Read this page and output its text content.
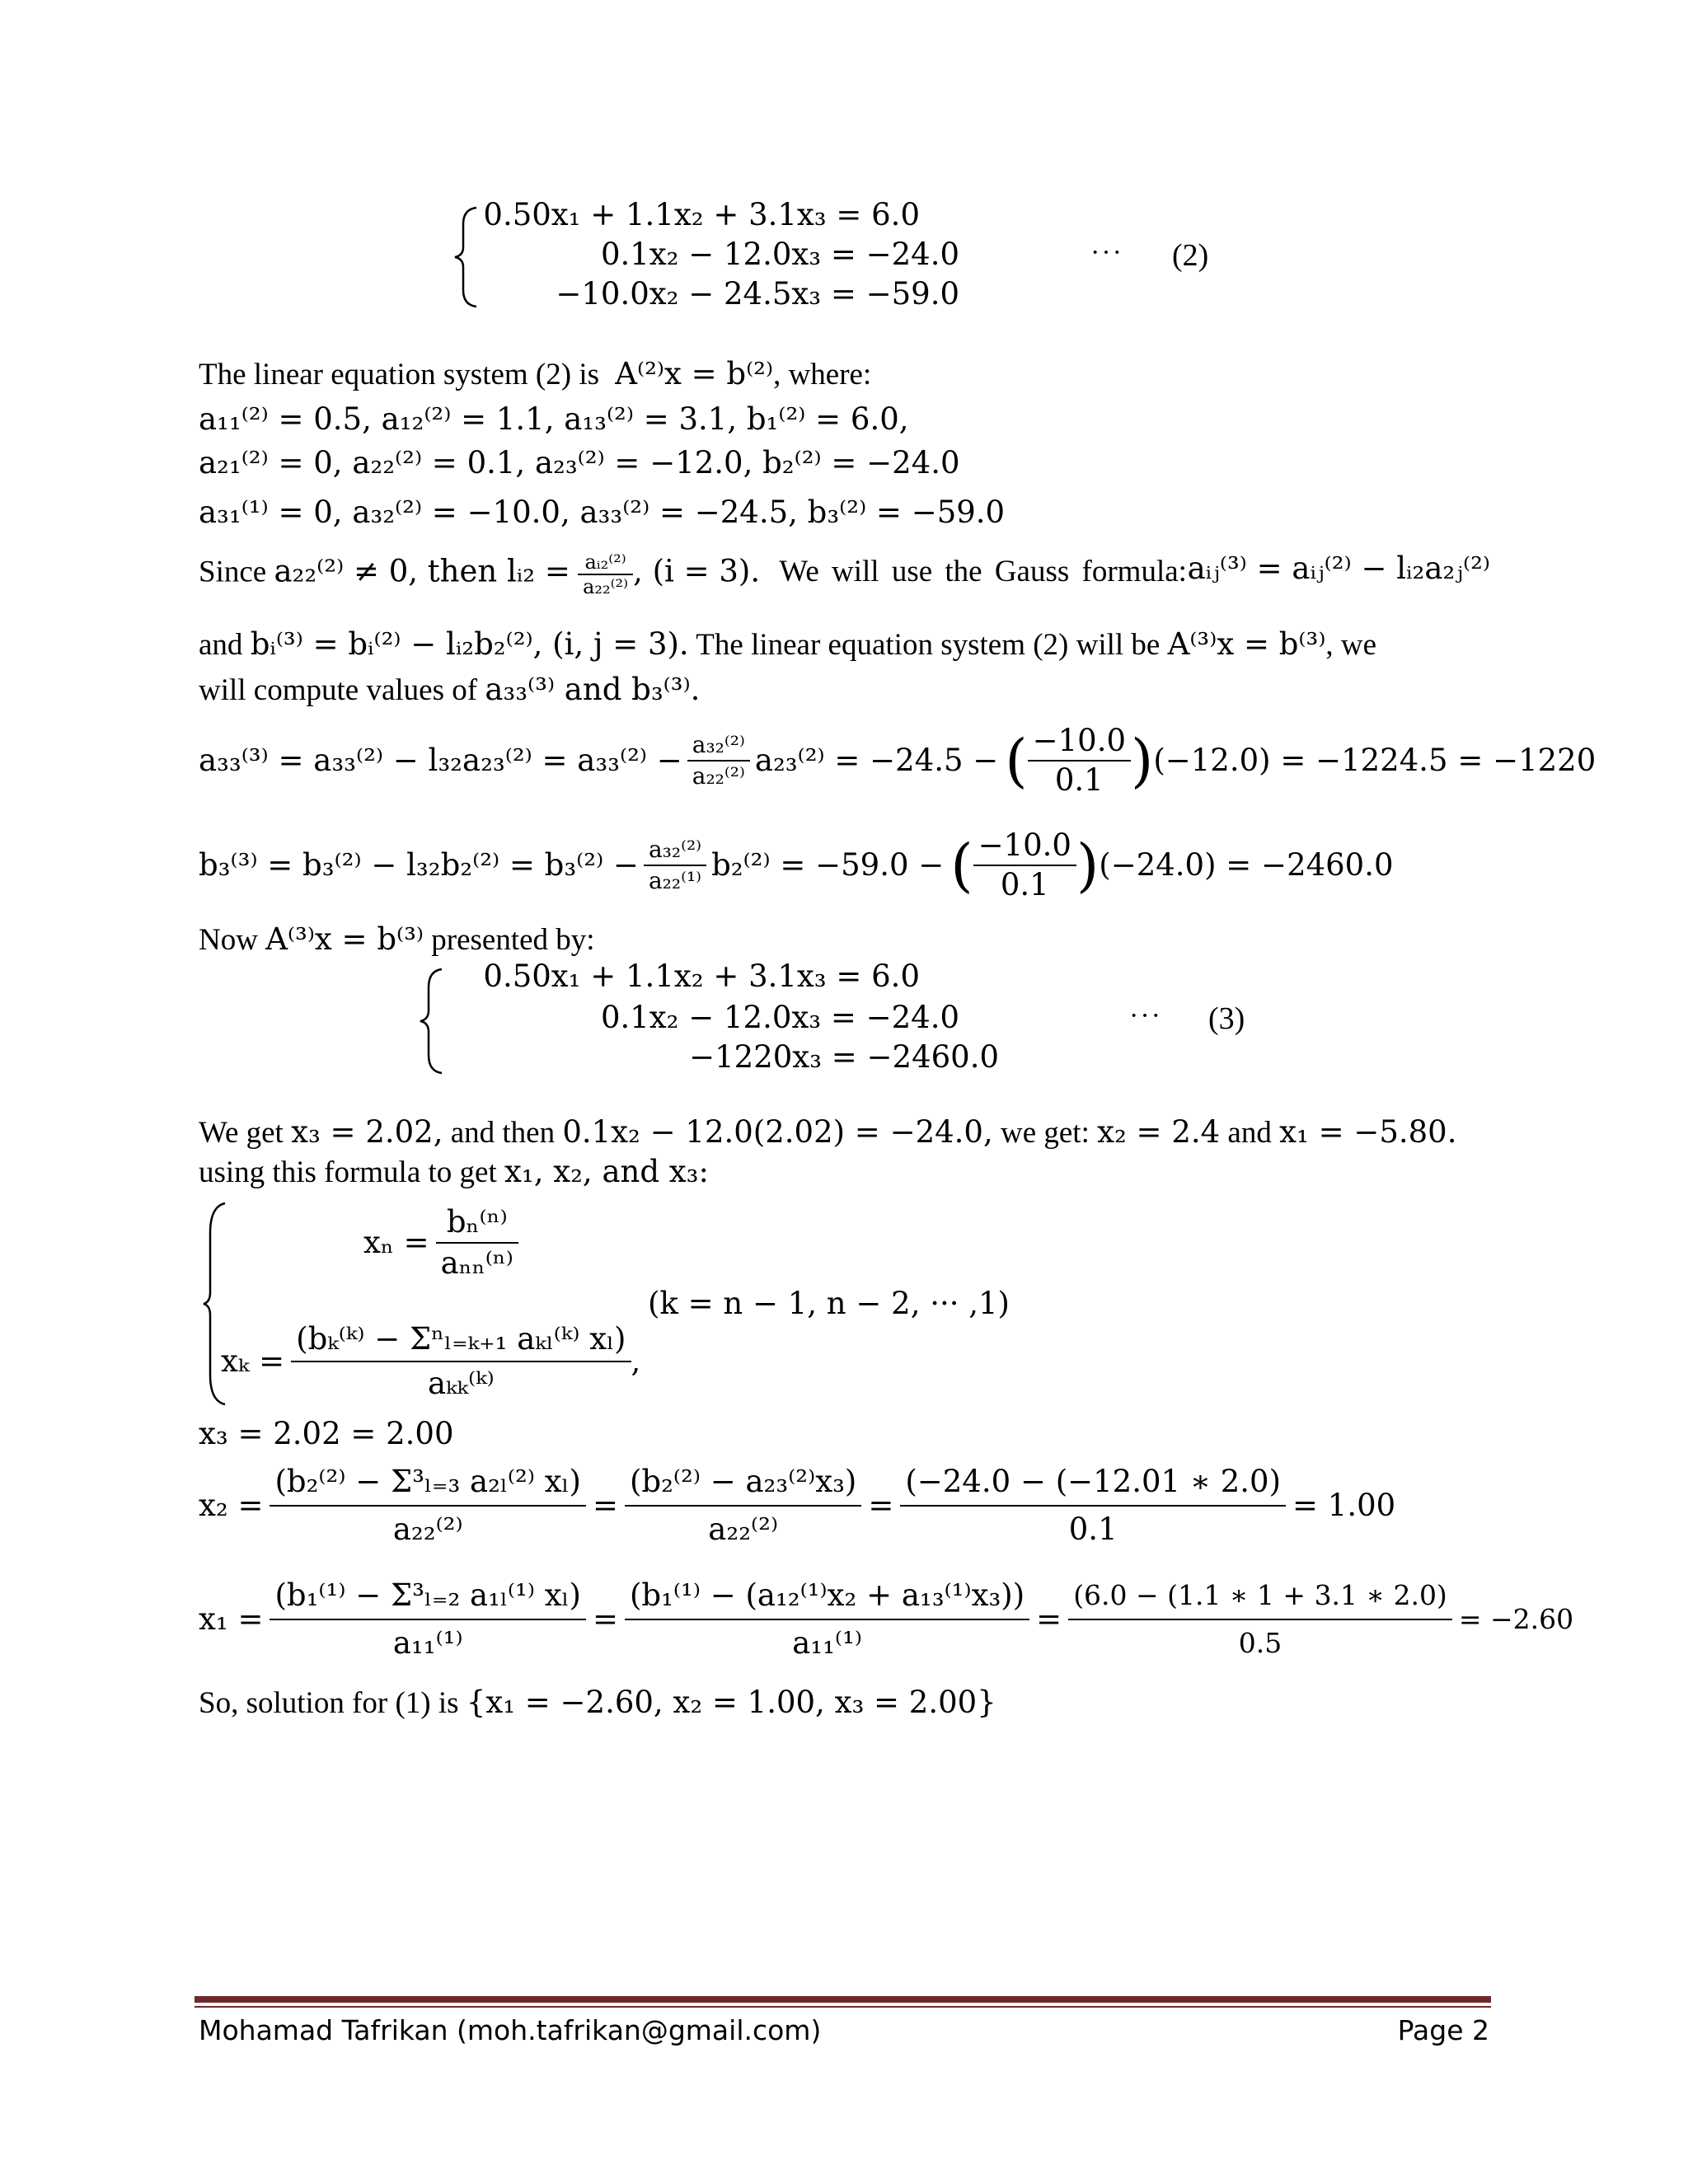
0.50x₁ + 1.1x₂ + 3.1x₃ = 6.0
0.1x₂ − 12.0x₃ = −24.0
−10.0x₂ − 24.5x₃ = −59.0
··· (2)
The linear equation system (2) is A⁽²⁾x = b⁽²⁾, where:
a₁₁⁽²⁾ = 0.5, a₁₂⁽²⁾ = 1.1, a₁₃⁽²⁾ = 3.1, b₁⁽²⁾ = 6.0,
a₂₁⁽²⁾ = 0, a₂₂⁽²⁾ = 0.1, a₂₃⁽²⁾ = −12.0, b₂⁽²⁾ = −24.0
a₃₁⁽¹⁾ = 0, a₃₂⁽²⁾ = −10.0, a₃₃⁽²⁾ = −24.5, b₃⁽²⁾ = −59.0
Since a₂₂⁽²⁾ ≠ 0, then lᵢ₂ = $\frac{\text{aᵢ₂⁽²⁾}}{\text{a₂₂⁽²⁾}}$ , (i = 3). We will use the Gauss formula: aᵢⱼ⁽³⁾ = aᵢⱼ⁽²⁾ − lᵢ₂a₂ⱼ⁽²⁾
and bᵢ⁽³⁾ = bᵢ⁽²⁾ − lᵢ₂b₂⁽²⁾, (i, j = 3). The linear equation system (2) will be A⁽³⁾x = b⁽³⁾, we
will compute values of a₃₃⁽³⁾ and b₃⁽³⁾.
$a_{33}^{(3)} = a_{33}^{(2)} - l_{32}a_{23}^{(2)} = a_{33}^{(2)} - \frac{\text{a₃₂⁽²⁾}}{\text{a₂₂⁽²⁾}} a_{23}^{(2)} = -24.5$ − ( $\frac{-10.0}{0.1}$ ) (−12.0) = −1224.5 = −1220
$b_3^{(3)} = b_3^{(2)} - l_{32}b_2^{(2)} = b_3^{(2)} - \frac{\text{a₃₂⁽²⁾}}{\text{a₂₂⁽¹⁾}} b_2^{(2)} = -59.0$ − ( $\frac{-10.0}{0.1}$ ) (−24.0) = −2460.0
Now A⁽³⁾x = b⁽³⁾ presented by:
0.50x₁ + 1.1x₂ + 3.1x₃ = 6.0
0.1x₂ − 12.0x₃ = −24.0
−1220x₃ = −2460.0
··· (3)
We get x₃ = 2.02, and then 0.1x₂ − 12.0(2.02) = −24.0, we get: x₂ = 2.4 and x₁ = −5.80.
using this formula to get x₁, x₂, and x₃:
$x_n = \frac{\text{bₙ⁽ⁿ⁾}}{\text{aₙₙ⁽ⁿ⁾}}$
(k = n − 1, n − 2, ··· ,1)
$x_k = \frac{\text{(bₖ⁽ᵏ⁾ − Σⁿₗ₌ₖ₊₁ aₖₗ⁽ᵏ⁾ xₗ)}}{\text{aₖₖ⁽ᵏ⁾}}$ ,
x₃ = 2.02 = 2.00
$x_2 = \frac{\text{(b₂⁽²⁾ − Σ³ₗ₌₃ a₂ₗ⁽²⁾ xₗ)}}{\text{a₂₂⁽²⁾}} = \frac{\text{(b₂⁽²⁾ − a₂₃⁽²⁾x₃)}}{\text{a₂₂⁽²⁾}} = \frac{(-24.0 - (-12.01 ∗ 2.0)}{0.1} = 1.00$
$x_1 = \frac{\text{(b₁⁽¹⁾ − Σ³ₗ₌₂ a₁ₗ⁽¹⁾ xₗ)}}{\text{a₁₁⁽¹⁾}} = \frac{\text{(b₁⁽¹⁾ − (a₁₂⁽¹⁾x₂ + a₁₃⁽¹⁾x₃))}}{\text{a₁₁⁽¹⁾}} = \frac{(6.0 - (1.1 ∗ 1 + 3.1 ∗ 2.0)}{0.5} = -2.60$
So, solution for (1) is {x₁ = −2.60, x₂ = 1.00, x₃ = 2.00}
Mohamad Tafrikan (moh.tafrikan@gmail.com)	Page 2
